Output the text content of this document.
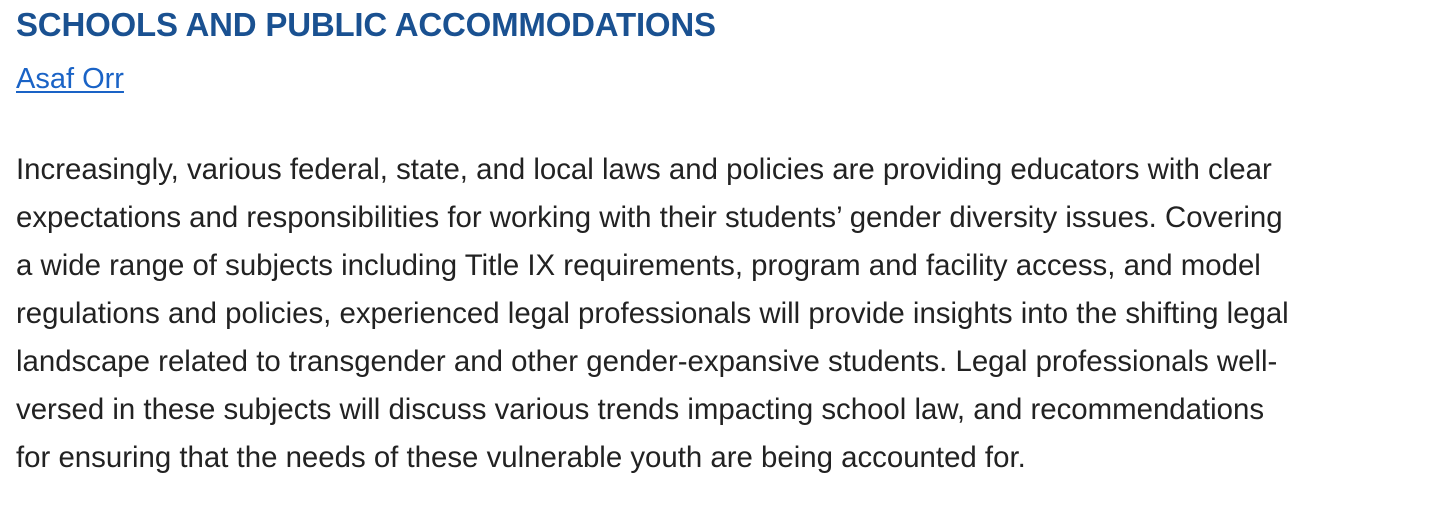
SCHOOLS AND PUBLIC ACCOMMODATIONS
Asaf Orr

Increasingly, various federal, state, and local laws and policies are providing educators with clear
expectations and responsibilities for working with their students’ gender diversity issues. Covering
a wide range of subjects including Title IX requirements, program and facility access, and model
regulations and policies, experienced legal professionals will provide insights into the shifting legal
landscape related to transgender and other gender-expansive students. Legal professionals well-
versed in these subjects will discuss various trends impacting school law, and recommendations
for ensuring that the needs of these vulnerable youth are being accounted for.
